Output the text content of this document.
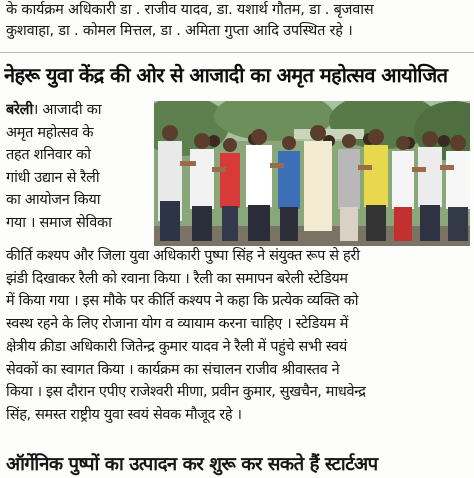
के कार्यक्रम अधिकारी डा . राजीव यादव, डा. यशार्थ गौतम, डा . बृजवास
कुशवाहा, डा . कोमल मित्तल, डा . अमिता गुप्ता आदि उपस्थित रहे ।
नेहरू युवा केंद्र की ओर से आजादी का अमृत महोत्सव आयोजित
बरेली। आजादी का
अमृत महोत्सव के
तहत शनिवार को
गांधी उद्यान से रैली
का आयोजन किया
गया । समाज सेविका
कीर्ति कश्यप और जिला युवा अधिकारी पुष्पा सिंह ने संयुक्त रूप से हरी
झंडी दिखाकर रैली को रवाना किया । रैली का समापन बरेली स्टेडियम
में किया गया । इस मौके पर कीर्ति कश्यप ने कहा कि प्रत्येक व्यक्ति को
स्वस्थ रहने के लिए रोजाना योग व व्यायाम करना चाहिए । स्टेडियम में
क्षेत्रीय क्रीडा अधिकारी जितेन्द्र कुमार यादव ने रैली में पहुंचे सभी स्वयं
सेवकों का स्वागत किया । कार्यक्रम का संचालन राजीव श्रीवास्तव ने
किया । इस दौरान एपीए राजेश्वरी मीणा, प्रवीन कुमार, सुखचैन, माधवेन्द्र
सिंह, समस्त राष्ट्रीय युवा स्वयं सेवक मौजूद रहे ।
ऑर्गेनिक पुष्पों का उत्पादन कर शुरू कर सकते हैं स्टार्टअप
